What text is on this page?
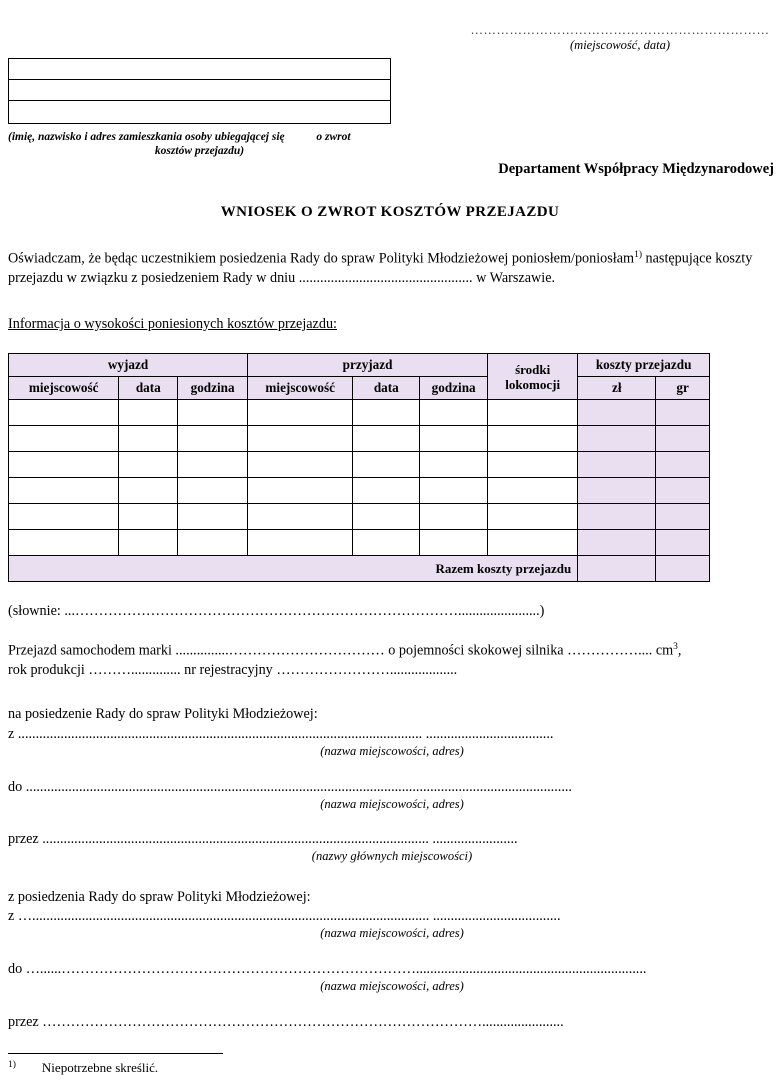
……………………………………………………………
(miejscowość, data)
(imię, nazwisko i adres zamieszkania osoby ubiegającej się	o zwrot
kosztów przejazdu)
Departament Współpracy Międzynarodowej
WNIOSEK O ZWROT KOSZTÓW PRZEJAZDU
Oświadczam, że będąc uczestnikiem posiedzenia Rady do spraw Polityki Młodzieżowej poniosłem/poniosłam$^{1)}$ następujące koszty przejazdu w związku z posiedzeniem Rady w dniu ................................................. w Warszawie.
Informacja o wysokości poniesionych kosztów przejazdu:
wyjazd			przyjazd			środki lokomocji	koszty przejazdu	
miejscowość	data	godzina	miejscowość	data	godzina		zł	gr

Razem koszty przejazdu								
(słownie: ...……………………………………………………………………….......................)
Przejazd samochodem marki ...............…………………………… o pojemności skokowej silnika …………….... $cm^3$,
rok produkcji ……….............. nr rejestracyjny ……………………...................
na posiedzenie Rady do spraw Polityki Młodzieżowej:
z .................................................................................................................. ....................................
(nazwa miejscowości, adres)
do ..........................................................................................................................................................
(nazwa miejscowości, adres)
przez ............................................................................................................. ........................
(nazwy głównych miejscowości)
z posiedzenia Rady do spraw Polityki Młodzieżowej:
z …................................................................................................................ ....................................
(nazwa miejscowości, adres)
do …......………………………………………………………………….................................................................
(nazwa miejscowości, adres)
przez ………………………………………………………………………………….......................
$^{1)}$ Niepotrzebne skreślić.
